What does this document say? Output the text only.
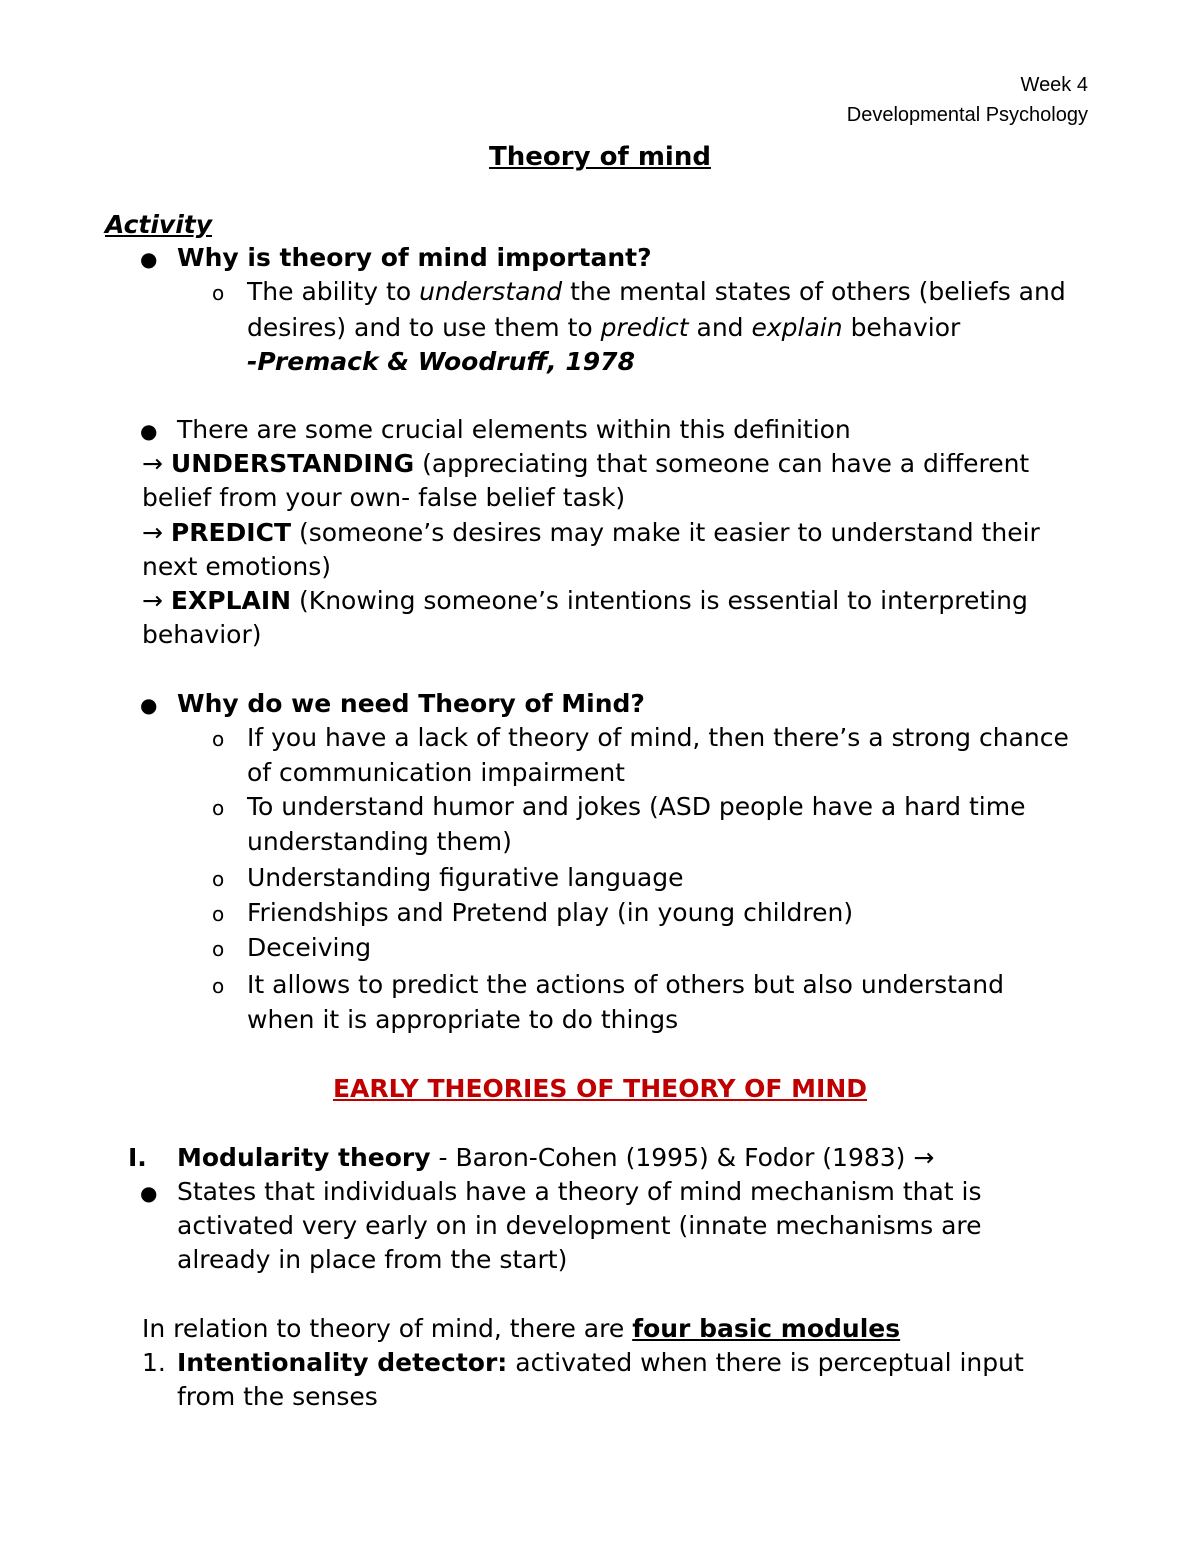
Week 4
Developmental Psychology
Theory of mind
Activity
● Why is theory of mind important?
o The ability to understand the mental states of others (beliefs and
desires) and to use them to predict and explain behavior
-Premack & Woodruff, 1978
● There are some crucial elements within this definition
→ UNDERSTANDING (appreciating that someone can have a different
belief from your own- false belief task)
→ PREDICT (someone’s desires may make it easier to understand their
next emotions)
→ EXPLAIN (Knowing someone’s intentions is essential to interpreting
behavior)
● Why do we need Theory of Mind?
o If you have a lack of theory of mind, then there’s a strong chance
of communication impairment
o To understand humor and jokes (ASD people have a hard time
understanding them)
o Understanding figurative language
o Friendships and Pretend play (in young children)
o Deceiving
o It allows to predict the actions of others but also understand
when it is appropriate to do things
EARLY THEORIES OF THEORY OF MIND
I. Modularity theory - Baron-Cohen (1995) & Fodor (1983) →
● States that individuals have a theory of mind mechanism that is
activated very early on in development (innate mechanisms are
already in place from the start)
In relation to theory of mind, there are four basic modules
1. Intentionality detector: activated when there is perceptual input
from the senses
